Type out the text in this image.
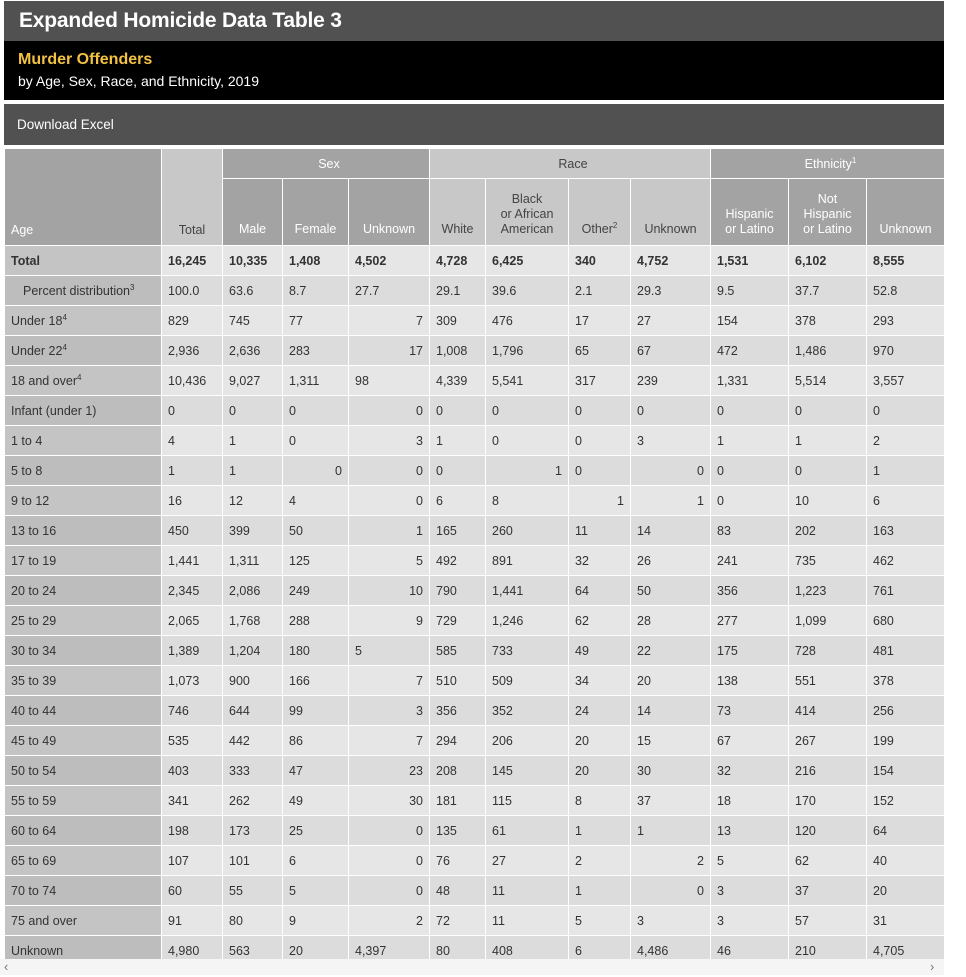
Expanded Homicide Data Table 3
Murder Offenders
by Age, Sex, Race, and Ethnicity, 2019
Download Excel
Age	Total	Sex			Race				Ethnicity$^1$
		Male	Female	Unknown	White	Black
or African
American	Other$^2$	Unknown	Hispanic
or Latino	Not
Hispanic
or Latino	Unknown
Total	16,245	10,335	1,408	4,502	4,728	6,425	340	4,752	1,531	6,102	8,555
Percent distribution$^3$	100.0	63.6	8.7	27.7	29.1	39.6	2.1	29.3	9.5	37.7	52.8
Under $18^4$	829	745	77	7	309	476	17	27	154	378	293
Under $22^4$	2,936	2,636	283	17	1,008	1,796	65	67	472	1,486	970
18 and over$^4$	10,436	9,027	1,311	98	4,339	5,541	317	239	1,331	5,514	3,557
Infant (under 1)	0	0	0	0	0	0	0	0	0	0	0
1 to 4	4	1	0	3	1	0	0	3	1	1	2
5 to 8	1	1	0	0	0	1	0	0	0	0	1
9 to 12	16	12	4	0	6	8	1	1	0	10	6
13 to 16	450	399	50	1	165	260	11	14	83	202	163
17 to 19	1,441	1,311	125	5	492	891	32	26	241	735	462
20 to 24	2,345	2,086	249	10	790	1,441	64	50	356	1,223	761
25 to 29	2,065	1,768	288	9	729	1,246	62	28	277	1,099	680
30 to 34	1,389	1,204	180	5	585	733	49	22	175	728	481
35 to 39	1,073	900	166	7	510	509	34	20	138	551	378
40 to 44	746	644	99	3	356	352	24	14	73	414	256
45 to 49	535	442	86	7	294	206	20	15	67	267	199
50 to 54	403	333	47	23	208	145	20	30	32	216	154
55 to 59	341	262	49	30	181	115	8	37	18	170	152
60 to 64	198	173	25	0	135	61	1	1	13	120	64
65 to 69	107	101	6	0	76	27	2	2	5	62	40
70 to 74	60	55	5	0	48	11	1	0	3	37	20
75 and over	91	80	9	2	72	11	5	3	3	57	31
Unknown	4,980	563	20	4,397	80	408	6	4,486	46	210	4,705
‹	›
